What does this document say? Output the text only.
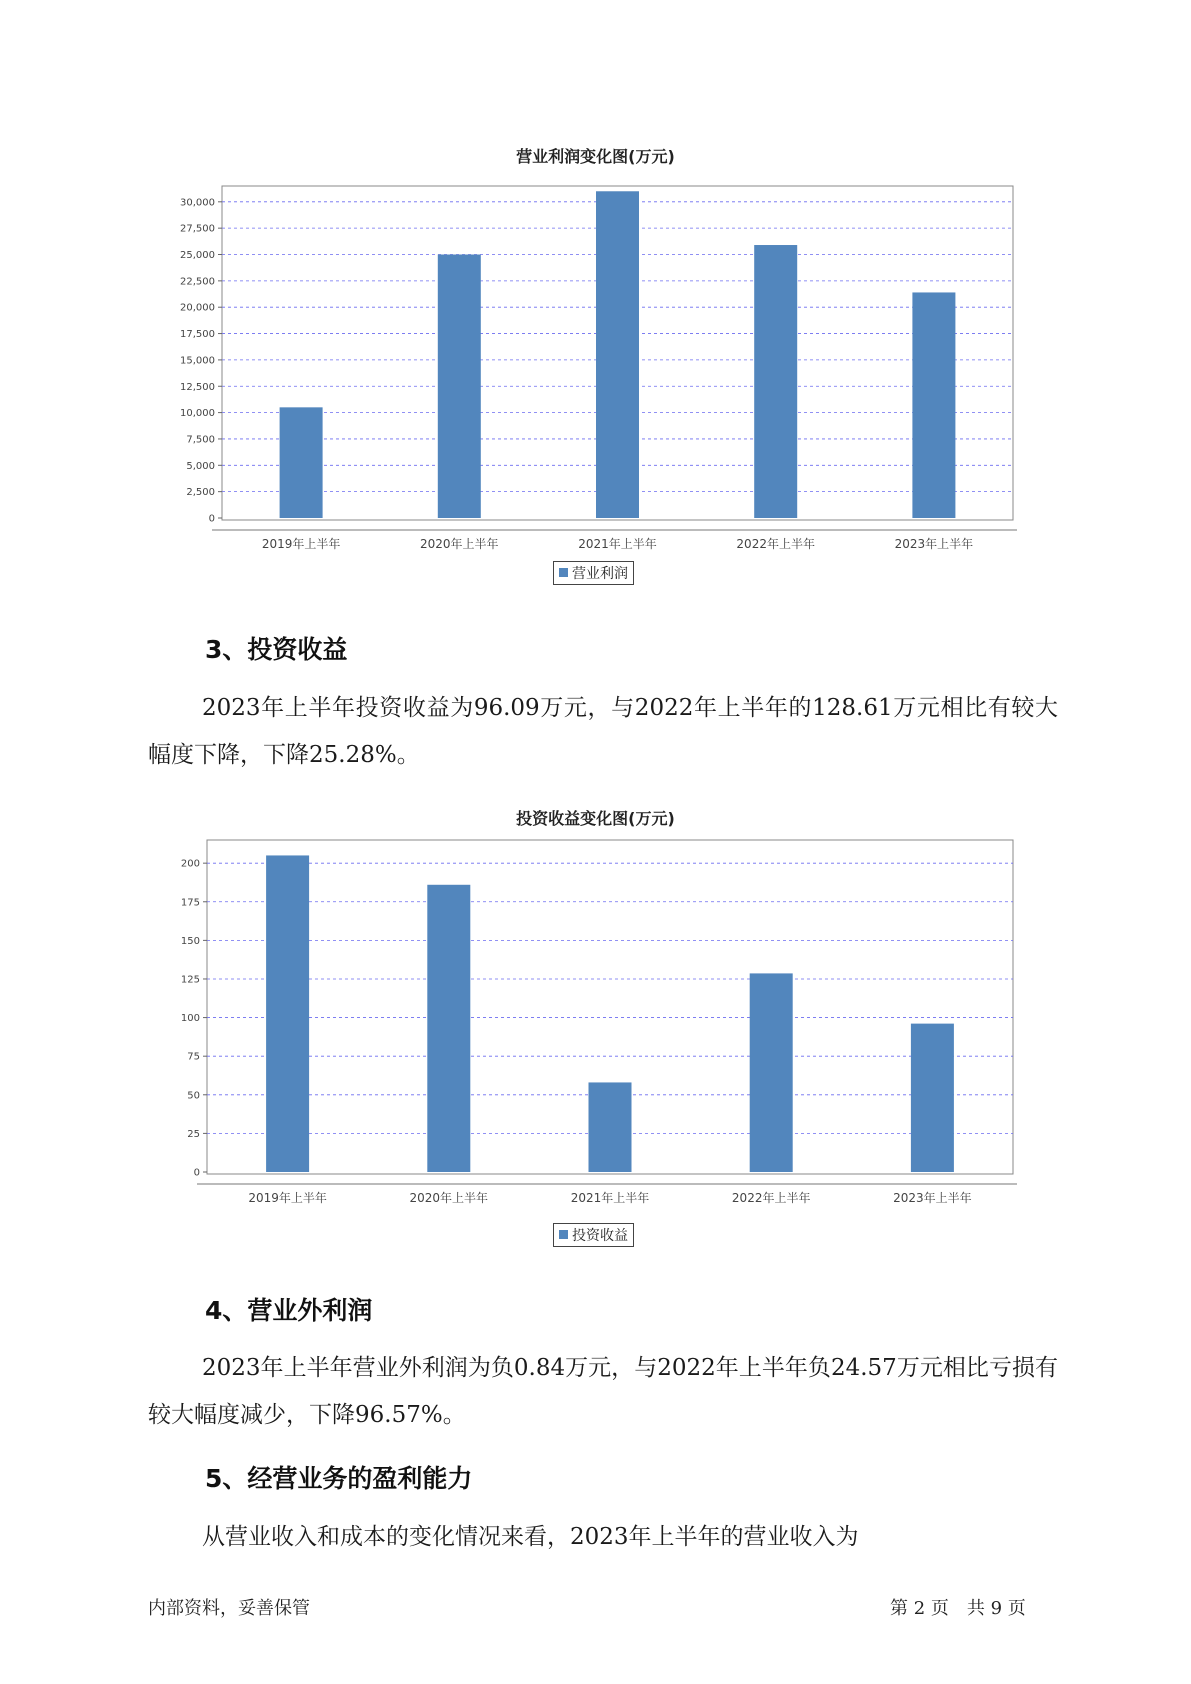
营业利润变化图(万元)
0
2,500
5,000
7,500
10,000
12,500
15,000
17,500
20,000
22,500
25,000
27,500
30,000
2019年上半年	2020年上半年	2021年上半年	2022年上半年	2023年上半年
营业利润
3、投资收益

2023年上半年投资收益为96.09万元，与2022年上半年的128.61万元相比有较大幅度下降，下降25.28%。

投资收益变化图(万元)
0
25
50
75
100
125
150
175
200
2019年上半年	2020年上半年	2021年上半年	2022年上半年	2023年上半年
投资收益
4、营业外利润

2023年上半年营业外利润为负0.84万元，与2022年上半年负24.57万元相比亏损有较大幅度减少，下降96.57%。

5、经营业务的盈利能力

从营业收入和成本的变化情况来看，2023年上半年的营业收入为

内部资料，妥善保管	第 2 页　共 9 页
